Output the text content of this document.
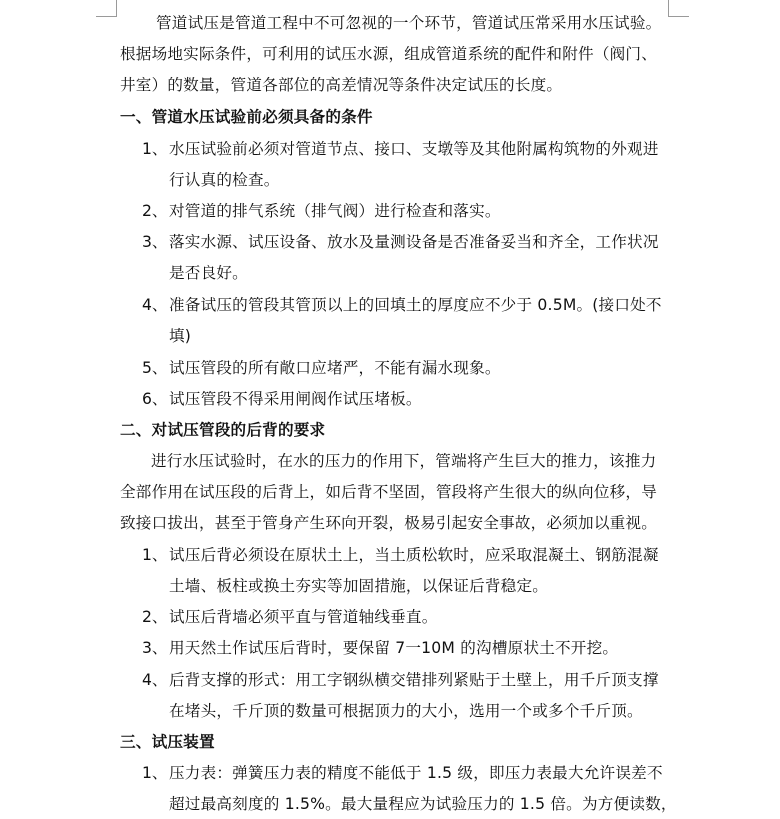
管道试压是管道工程中不可忽视的一个环节，管道试压常采用水压试验。
根据场地实际条件，可利用的试压水源，组成管道系统的配件和附件（阀门、
井室）的数量，管道各部位的高差情况等条件决定试压的长度。
一、管道水压试验前必须具备的条件
1、 水压试验前必须对管道节点、接口、支墩等及其他附属构筑物的外观进
行认真的检查。
2、 对管道的排气系统（排气阀）进行检查和落实。
3、 落实水源、试压设备、放水及量测设备是否准备妥当和齐全，工作状况
是否良好。
4、 准备试压的管段其管顶以上的回填土的厚度应不少于 0.5M。(接口处不
填)
5、 试压管段的所有敞口应堵严，不能有漏水现象。
6、 试压管段不得采用闸阀作试压堵板。
二、对试压管段的后背的要求
进行水压试验时，在水的压力的作用下，管端将产生巨大的推力，该推力
全部作用在试压段的后背上，如后背不坚固，管段将产生很大的纵向位移，导
致接口拔出，甚至于管身产生环向开裂，极易引起安全事故，必须加以重视。
1、 试压后背必须设在原状土上，当土质松软时，应采取混凝土、钢筋混凝
土墙、板柱或换土夯实等加固措施，以保证后背稳定。
2、 试压后背墙必须平直与管道轴线垂直。
3、 用天然土作试压后背时，要保留 7一10M 的沟槽原状土不开挖。
4、 后背支撑的形式：用工字钢纵横交错排列紧贴于土壁上，用千斤顶支撑
在堵头，千斤顶的数量可根据顶力的大小，选用一个或多个千斤顶。
三、试压装置
1、 压力表：弹簧压力表的精度不能低于 1.5 级，即压力表最大允许误差不
超过最高刻度的 1.5%。最大量程应为试验压力的 1.5 倍。为方便读数，
